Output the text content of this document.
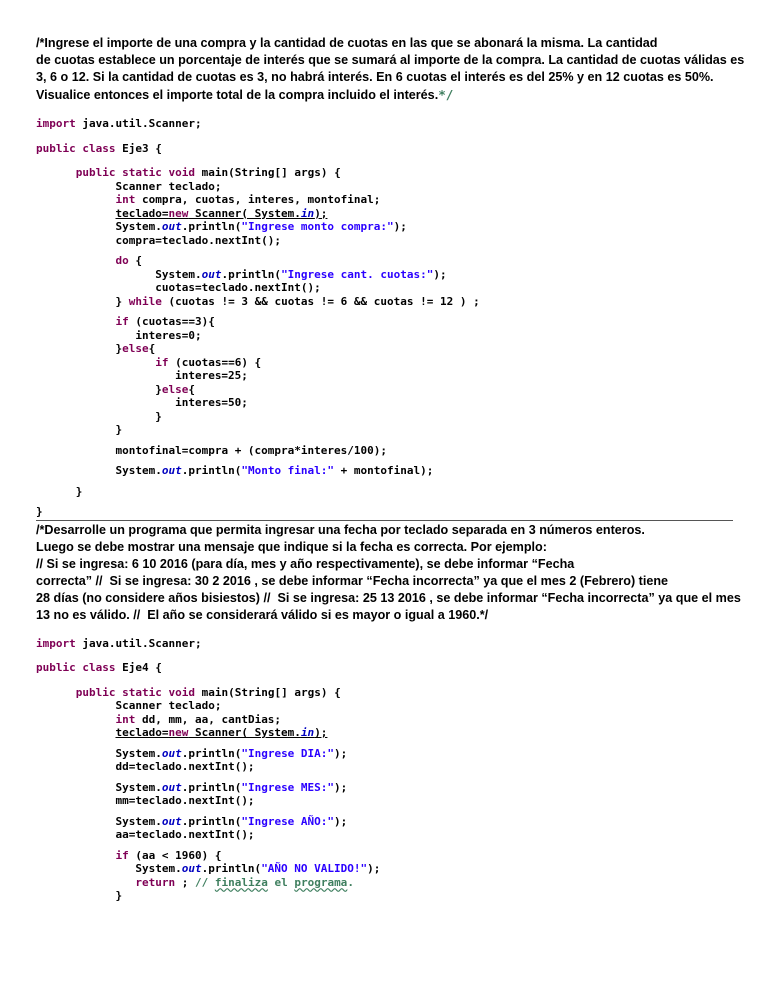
/*Ingrese el importe de una compra y la cantidad de cuotas en las que se abonará la misma. La cantidad
de cuotas establece un porcentaje de interés que se sumará al importe de la compra. La cantidad de cuotas válidas es
3, 6 o 12. Si la cantidad de cuotas es 3, no habrá interés. En 6 cuotas el interés es del 25% y en 12 cuotas es 50%.
Visualice entonces el importe total de la compra incluido el interés.*/
import java.util.Scanner;
public class Eje3 {
public static void main(String[] args) {
Scanner teclado;
int compra, cuotas, interes, montofinal;
teclado=new Scanner( System.in);
System.out.println("Ingrese monto compra:");
compra=teclado.nextInt();
do {
System.out.println("Ingrese cant. cuotas:");
cuotas=teclado.nextInt();
} while (cuotas != 3 && cuotas != 6 && cuotas != 12 ) ;
if (cuotas==3){
interes=0;
}else{
if (cuotas==6) {
interes=25;
}else{
interes=50;
}
}
montofinal=compra + (compra*interes/100);
System.out.println("Monto final:" + montofinal);
}
}
/*Desarrolle un programa que permita ingresar una fecha por teclado separada en 3 números enteros.
Luego se debe mostrar una mensaje que indique si la fecha es correcta. Por ejemplo:
// Si se ingresa: 6 10 2016 (para día, mes y año respectivamente), se debe informar “Fecha
correcta” //  Si se ingresa: 30 2 2016 , se debe informar “Fecha incorrecta” ya que el mes 2 (Febrero) tiene
28 días (no considere años bisiestos) //  Si se ingresa: 25 13 2016 , se debe informar “Fecha incorrecta” ya que el mes
13 no es válido. //  El año se considerará válido si es mayor o igual a 1960.*/
import java.util.Scanner;
public class Eje4 {
public static void main(String[] args) {
Scanner teclado;
int dd, mm, aa, cantDias;
teclado=new Scanner( System.in);
System.out.println("Ingrese DIA:");
dd=teclado.nextInt();
System.out.println("Ingrese MES:");
mm=teclado.nextInt();
System.out.println("Ingrese AÑO:");
aa=teclado.nextInt();
if (aa < 1960) {
System.out.println("AÑO NO VALIDO!");
return ; // finaliza el programa.
}
